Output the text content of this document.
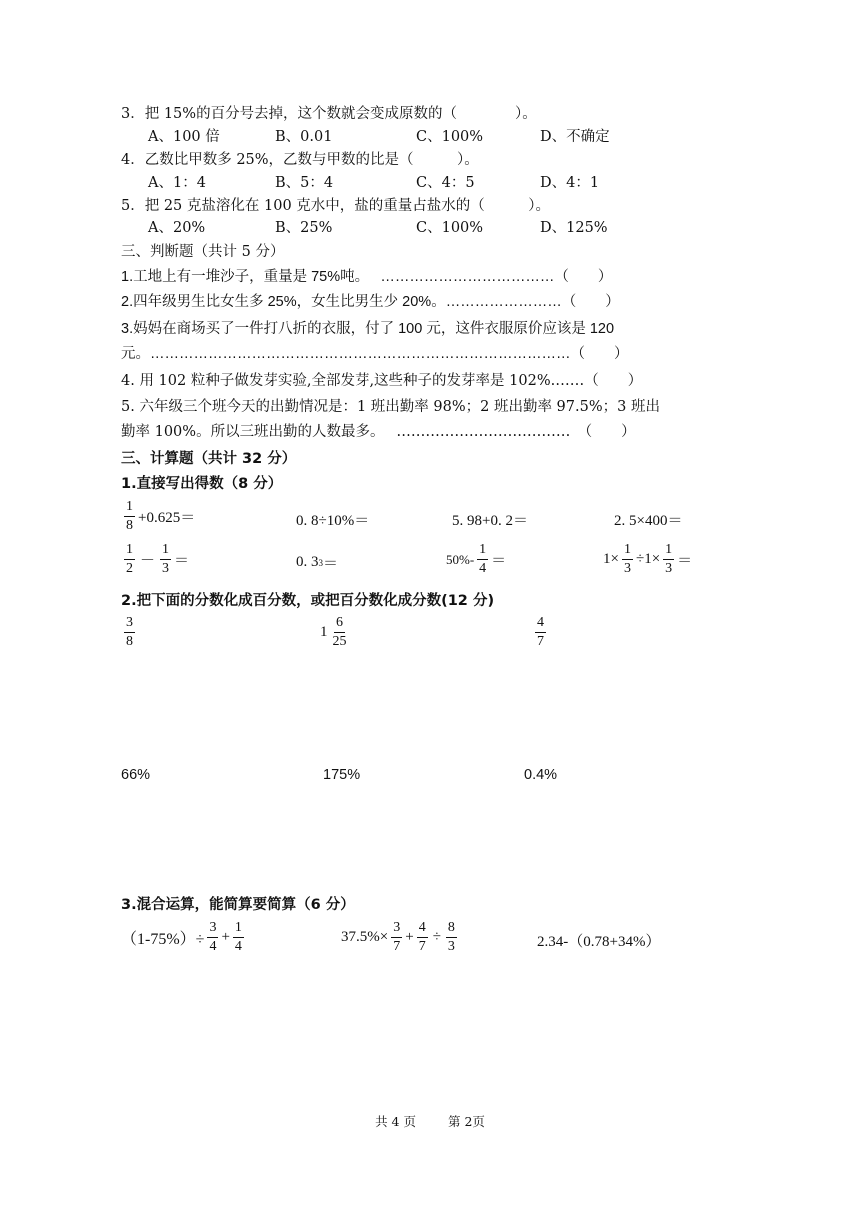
3．把 15%的百分号去掉，这个数就会变成原数的（　　　　）。
A、100 倍	B、0.01	C、100%	D、不确定
4．乙数比甲数多 25%，乙数与甲数的比是（　　　）。
A、1：4	B、5：4	C、4：5	D、4：1
5．把 25 克盐溶化在 100 克水中，盐的重量占盐水的（　　　）。
A、20%	B、25%	C、100%	D、125%
三、判断题（共计 5 分）
1.工地上有一堆沙子，重量是 75%吨。　 ………………………………（　　）
2.四年级男生比女生多 25%，女生比男生少 20%。……………………（　　）
3.妈妈在商场买了一件打八折的衣服，付了 100 元，这件衣服原价应该是 120
元。……………………………………………………………………………（　　）
4. 用 102 粒种子做发芽实验,全部发芽,这些种子的发芽率是 102%.……（　　）
5. 六年级三个班今天的出勤情况是：1 班出勤率 98%；2 班出勤率 97.5%；3 班出
勤率 100%。所以三班出勤的人数最多。　 ………………………………　（　　）
三、计算题（共计 32 分）
1.直接写出得数（8 分）
$\frac{1}{8} +0.625=$	0. 8÷10%＝	5. 98+0. 2＝	2. 5×400＝
$\frac{1}{2} - \frac{1}{3}$ ＝	0. 3 3 ＝	$50\%- \frac{1}{4}$ ＝	$1\times \frac{1}{3} \div 1\times \frac{1}{3}$ ＝
2.把下面的分数化成百分数，或把百分数化成分数(12 分)
$\frac{3}{8}$	$1 \frac{6}{25}$	$\frac{4}{7}$
66%	175%	0.4%
3.混合运算，能简算要简算（6 分）
$(1-75\%)\div \frac{3}{4} + \frac{1}{4}$	$37.5\%\times \frac{3}{7} + \frac{4}{7} \div \frac{8}{3}$	2.34-（0.78+34%）
共 4 页	第 2页
